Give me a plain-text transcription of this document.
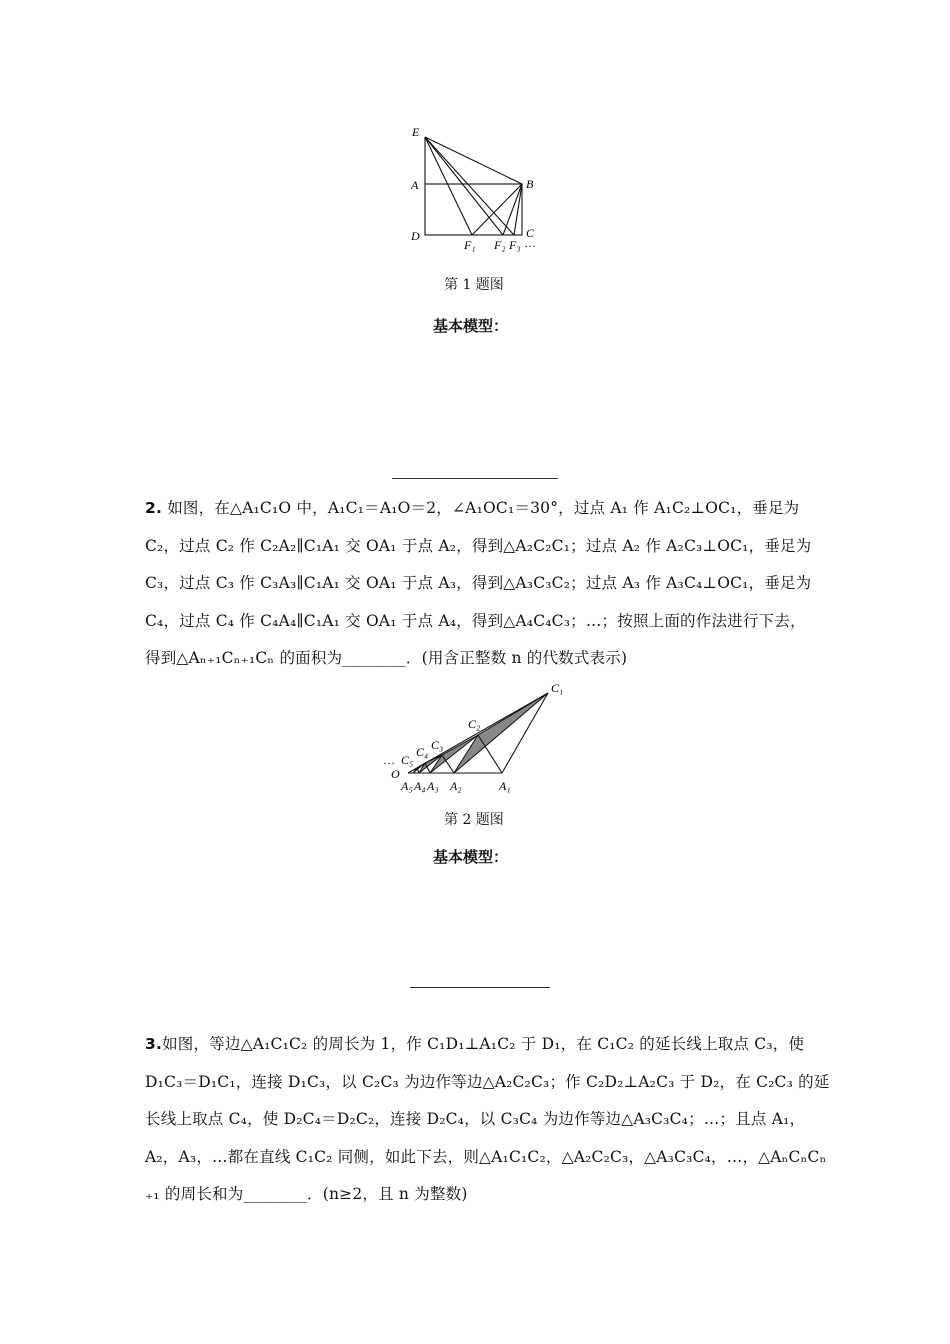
E
A	B
D	C
F₁ F₂ F₃ …
第 1 题图
基本模型：
2. 如图，在△A₁C₁O 中，A₁C₁＝A₁O＝2，∠A₁OC₁＝30°，过点 A₁ 作 A₁C₂⊥OC₁，垂足为
C₂，过点 C₂ 作 C₂A₂∥C₁A₁ 交 OA₁ 于点 A₂，得到△A₂C₂C₁；过点 A₂ 作 A₂C₃⊥OC₁，垂足为
C₃，过点 C₃ 作 C₃A₃∥C₁A₁ 交 OA₁ 于点 A₃，得到△A₃C₃C₂；过点 A₃ 作 A₃C₄⊥OC₁，垂足为
C₄，过点 C₄ 作 C₄A₄∥C₁A₁ 交 OA₁ 于点 A₄，得到△A₄C₄C₃；…；按照上面的作法进行下去，
得到△Aₙ₊₁Cₙ₊₁Cₙ 的面积为________．(用含正整数 n 的代数式表示)
C₁
C₂
C₃
C₄
C₅
…
O
A₁
A₂
A₃
A₄
A₅
第 2 题图
基本模型：
3.如图，等边△A₁C₁C₂ 的周长为 1，作 C₁D₁⊥A₁C₂ 于 D₁，在 C₁C₂ 的延长线上取点 C₃，使
D₁C₃＝D₁C₁，连接 D₁C₃，以 C₂C₃ 为边作等边△A₂C₂C₃；作 C₂D₂⊥A₂C₃ 于 D₂，在 C₂C₃ 的延
长线上取点 C₄，使 D₂C₄＝D₂C₂，连接 D₂C₄，以 C₃C₄ 为边作等边△A₃C₃C₄；…；且点 A₁，
A₂，A₃，…都在直线 C₁C₂ 同侧，如此下去，则△A₁C₁C₂，△A₂C₂C₃，△A₃C₃C₄，…，△AₙCₙCₙ
₊₁ 的周长和为________．(n≥2，且 n 为整数)
